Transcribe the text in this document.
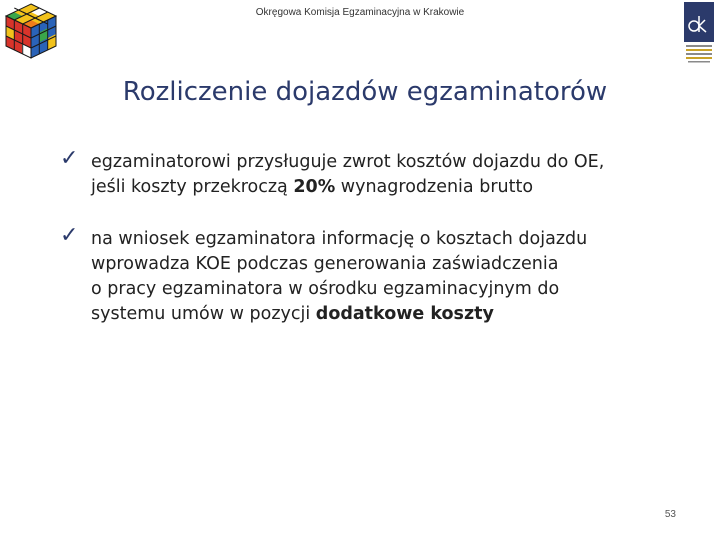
Okręgowa Komisja Egzaminacyjna w Krakowie
Rozliczenie dojazdów egzaminatorów
✓ egzaminatorowi przysługuje zwrot kosztów dojazdu do OE,
jeśli koszty przekroczą 20% wynagrodzenia brutto
✓ na wniosek egzaminatora informację o kosztach dojazdu
wprowadza KOE podczas generowania zaświadczenia
o pracy egzaminatora w ośrodku egzaminacyjnym do
systemu umów w pozycji dodatkowe koszty
53
